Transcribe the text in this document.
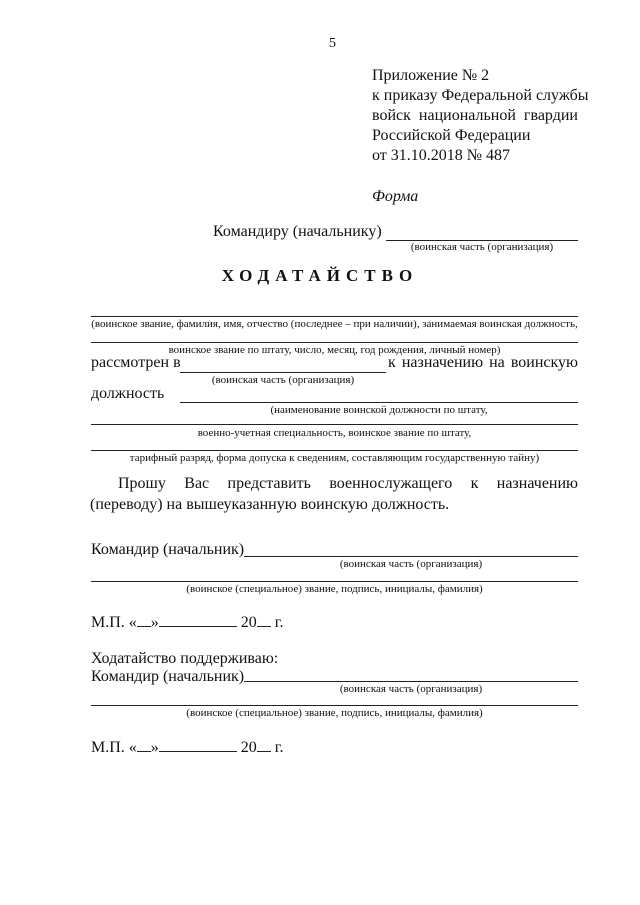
5
Приложение № 2
к приказу Федеральной службы
войск национальной гвардии
Российской Федерации
от 31.10.2018 № 487
Форма
Командиру (начальнику)
(воинская часть (организация)
ХОДАТАЙСТВО
(воинское звание, фамилия, имя, отчество (последнее – при наличии), занимаемая воинская должность,
воинское звание по штату, число, месяц, год рождения, личный номер)
рассмотрен в	к назначению на воинскую
(воинская часть (организация)
должность
(наименование воинской должности по штату,
военно-учетная специальность, воинское звание по штату,
тарифный разряд, форма допуска к сведениям, составляющим государственную тайну)
Прошу Вас представить военнослужащего к назначению (переводу) на вышеуказанную воинскую должность.
Командир (начальник)
(воинская часть (организация)
(воинское (специальное) звание, подпись, инициалы, фамилия)
М.П. « »	20 г.
Ходатайство поддерживаю:
Командир (начальник)
(воинская часть (организация)
(воинское (специальное) звание, подпись, инициалы, фамилия)
М.П. « »	20 г.
